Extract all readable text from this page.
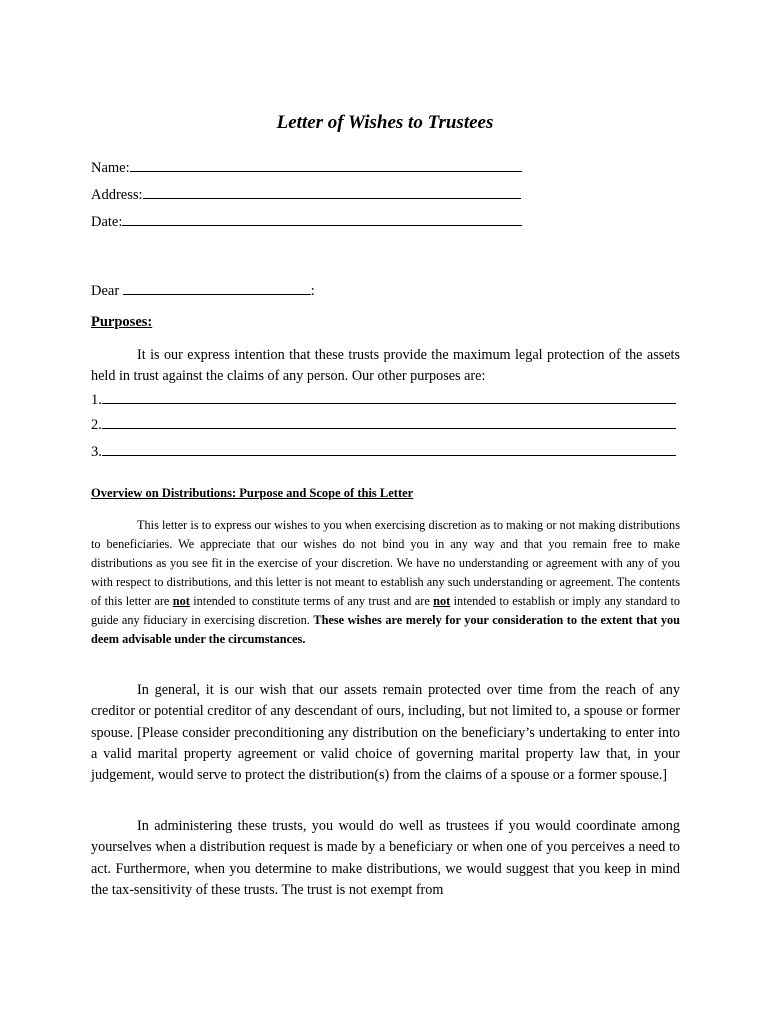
Letter of Wishes to Trustees
Name:
Address:
Date:
Dear	:
Purposes:

It is our express intention that these trusts provide the maximum legal protection of the assets held in trust against the claims of any person. Our other purposes are:

1.
2.
3.
Overview on Distributions: Purpose and Scope of this Letter

This letter is to express our wishes to you when exercising discretion as to making or not making distributions to beneficiaries. We appreciate that our wishes do not bind you in any way and that you remain free to make distributions as you see fit in the exercise of your discretion. We have no understanding or agreement with any of you with respect to distributions, and this letter is not meant to establish any such understanding or agreement. The contents of this letter are not intended to constitute terms of any trust and are not intended to establish or imply any standard to guide any fiduciary in exercising discretion. These wishes are merely for your consideration to the extent that you deem advisable under the circumstances.

In general, it is our wish that our assets remain protected over time from the reach of any creditor or potential creditor of any descendant of ours, including, but not limited to, a spouse or former spouse. [Please consider preconditioning any distribution on the beneficiary’s undertaking to enter into a valid marital property agreement or valid choice of governing marital property law that, in your judgement, would serve to protect the distribution(s) from the claims of a spouse or a former spouse.]

In administering these trusts, you would do well as trustees if you would coordinate among yourselves when a distribution request is made by a beneficiary or when one of you perceives a need to act. Furthermore, when you determine to make distributions, we would suggest that you keep in mind the tax-sensitivity of these trusts. The trust is not exempt from
